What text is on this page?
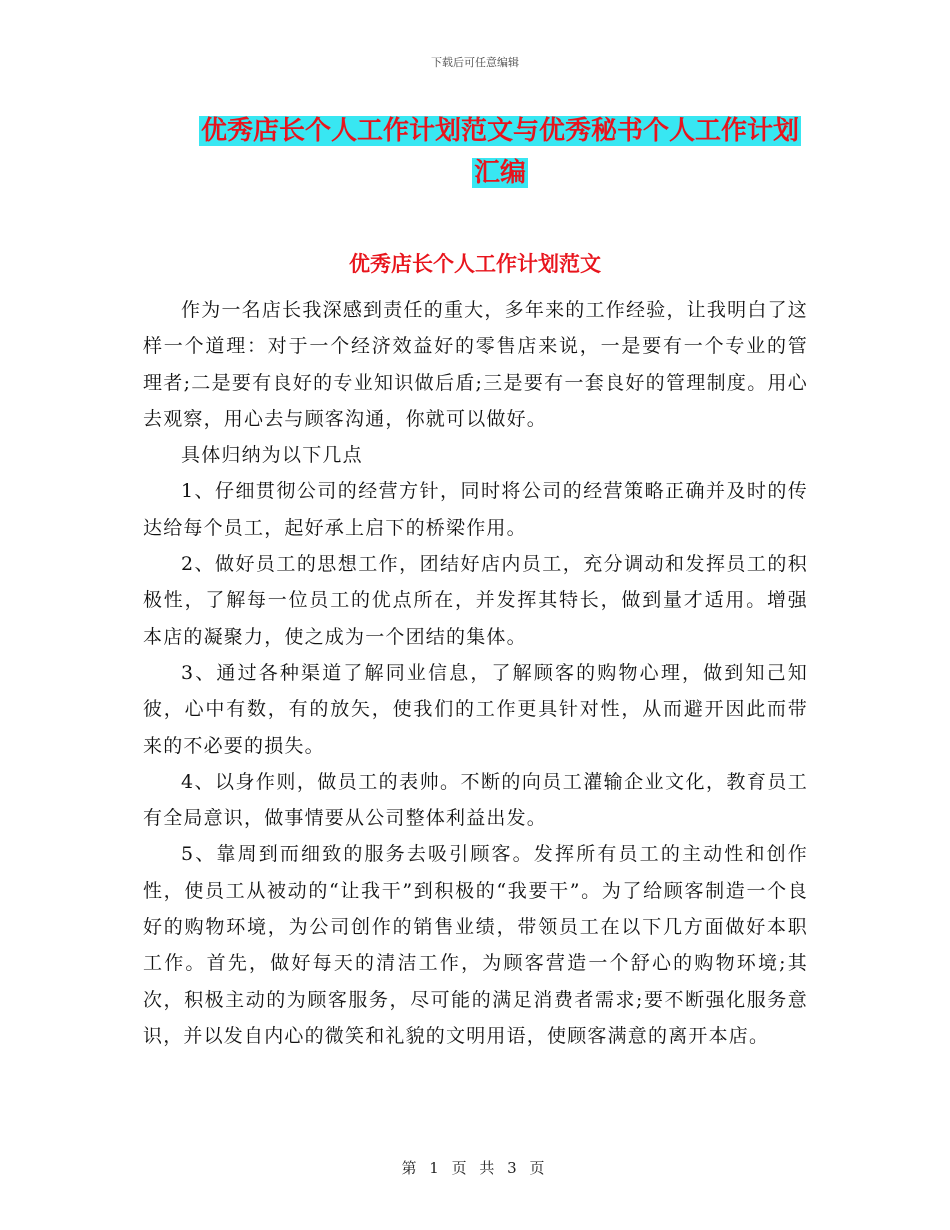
下载后可任意编辑
优秀店长个人工作计划范文与优秀秘书个人工作计划
汇编
优秀店长个人工作计划范文

作为一名店长我深感到责任的重大，多年来的工作经验，让我明白了这样一个道理：对于一个经济效益好的零售店来说，一是要有一个专业的管理者;二是要有良好的专业知识做后盾;三是要有一套良好的管理制度。用心去观察，用心去与顾客沟通，你就可以做好。

具体归纳为以下几点

1、仔细贯彻公司的经营方针，同时将公司的经营策略正确并及时的传达给每个员工，起好承上启下的桥梁作用。

2、做好员工的思想工作，团结好店内员工，充分调动和发挥员工的积极性，了解每一位员工的优点所在，并发挥其特长，做到量才适用。增强本店的凝聚力，使之成为一个团结的集体。

3、通过各种渠道了解同业信息，了解顾客的购物心理，做到知己知彼，心中有数，有的放矢，使我们的工作更具针对性，从而避开因此而带来的不必要的损失。

4、以身作则，做员工的表帅。不断的向员工灌输企业文化，教育员工有全局意识，做事情要从公司整体利益出发。

5、靠周到而细致的服务去吸引顾客。发挥所有员工的主动性和创作性，使员工从被动的“让我干”到积极的“我要干”。为了给顾客制造一个良好的购物环境，为公司创作的销售业绩，带领员工在以下几方面做好本职工作。首先，做好每天的清洁工作，为顾客营造一个舒心的购物环境;其次，积极主动的为顾客服务，尽可能的满足消费者需求;要不断强化服务意识，并以发自内心的微笑和礼貌的文明用语，使顾客满意的离开本店。

第 1 页 共 3 页
